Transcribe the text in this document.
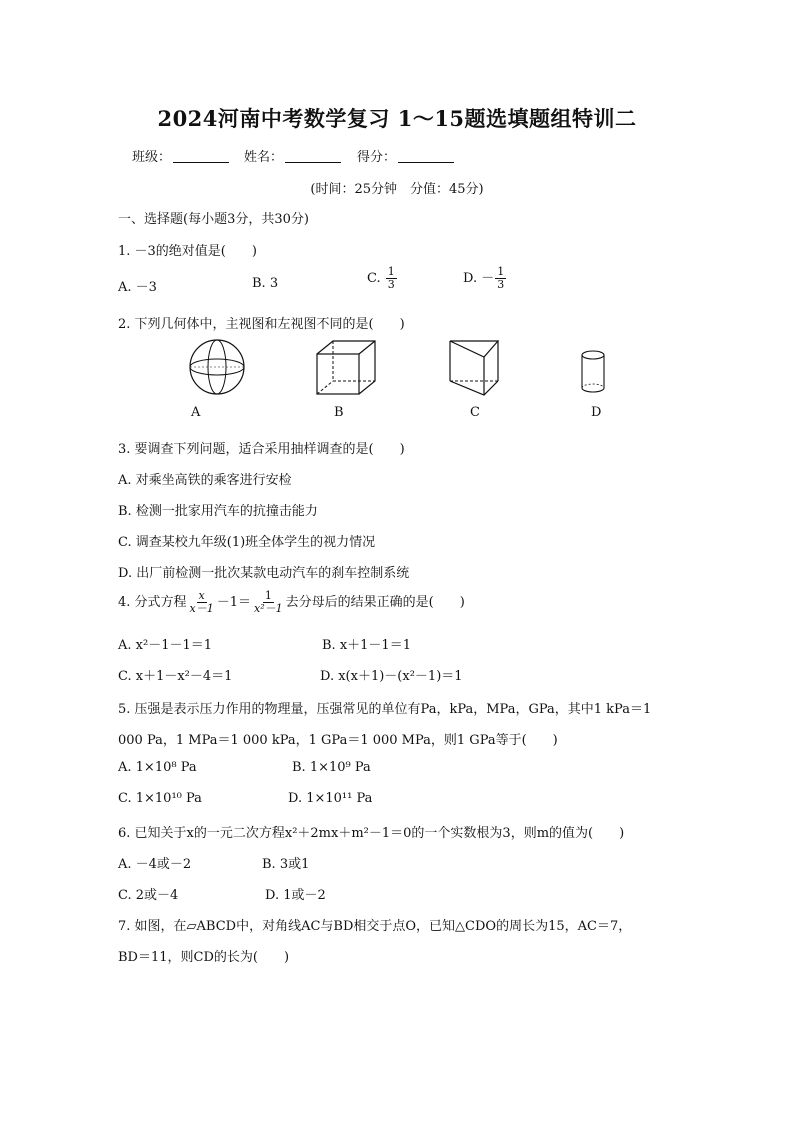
2024河南中考数学复习 1～15题选填题组特训二
班级：	姓名：	得分：
(时间：25分钟　分值：45分)
一、选择题(每小题3分，共30分)
1. －3的绝对值是(　　)
A. －3	B. 3	C. $\frac{1}{3}$	D. － $\frac{1}{3}$
2. 下列几何体中，主视图和左视图不同的是(　　)
A	B	C	D
3. 要调查下列问题，适合采用抽样调查的是(　　)
A. 对乘坐高铁的乘客进行安检
B. 检测一批家用汽车的抗撞击能力
C. 调查某校九年级(1)班全体学生的视力情况
D. 出厂前检测一批次某款电动汽车的刹车控制系统
4. 分式方程 $\frac{x}{x-1} -1= \frac{1}{\text{x²－1}}$ 去分母后的结果正确的是(　　)
A. x²－1－1＝1	B. x＋1－1＝1
C. x＋1－x²－4＝1	D. x(x＋1)－(x²－1)＝1
5. 压强是表示压力作用的物理量，压强常见的单位有Pa，kPa，MPa，GPa，其中1 kPa＝1
000 Pa，1 MPa＝1 000 kPa，1 GPa＝1 000 MPa，则1 GPa等于(　　)
A. 1×10⁸ Pa	B. 1×10⁹ Pa
C. 1×10¹⁰ Pa	D. 1×10¹¹ Pa
6. 已知关于x的一元二次方程x²＋2mx＋m²－1＝0的一个实数根为3，则m的值为(　　)
A. －4或－2	B. 3或1
C. 2或－4	D. 1或－2
7. 如图，在▱ABCD中，对角线AC与BD相交于点O，已知△CDO的周长为15，AC＝7，
BD＝11，则CD的长为(　　)
